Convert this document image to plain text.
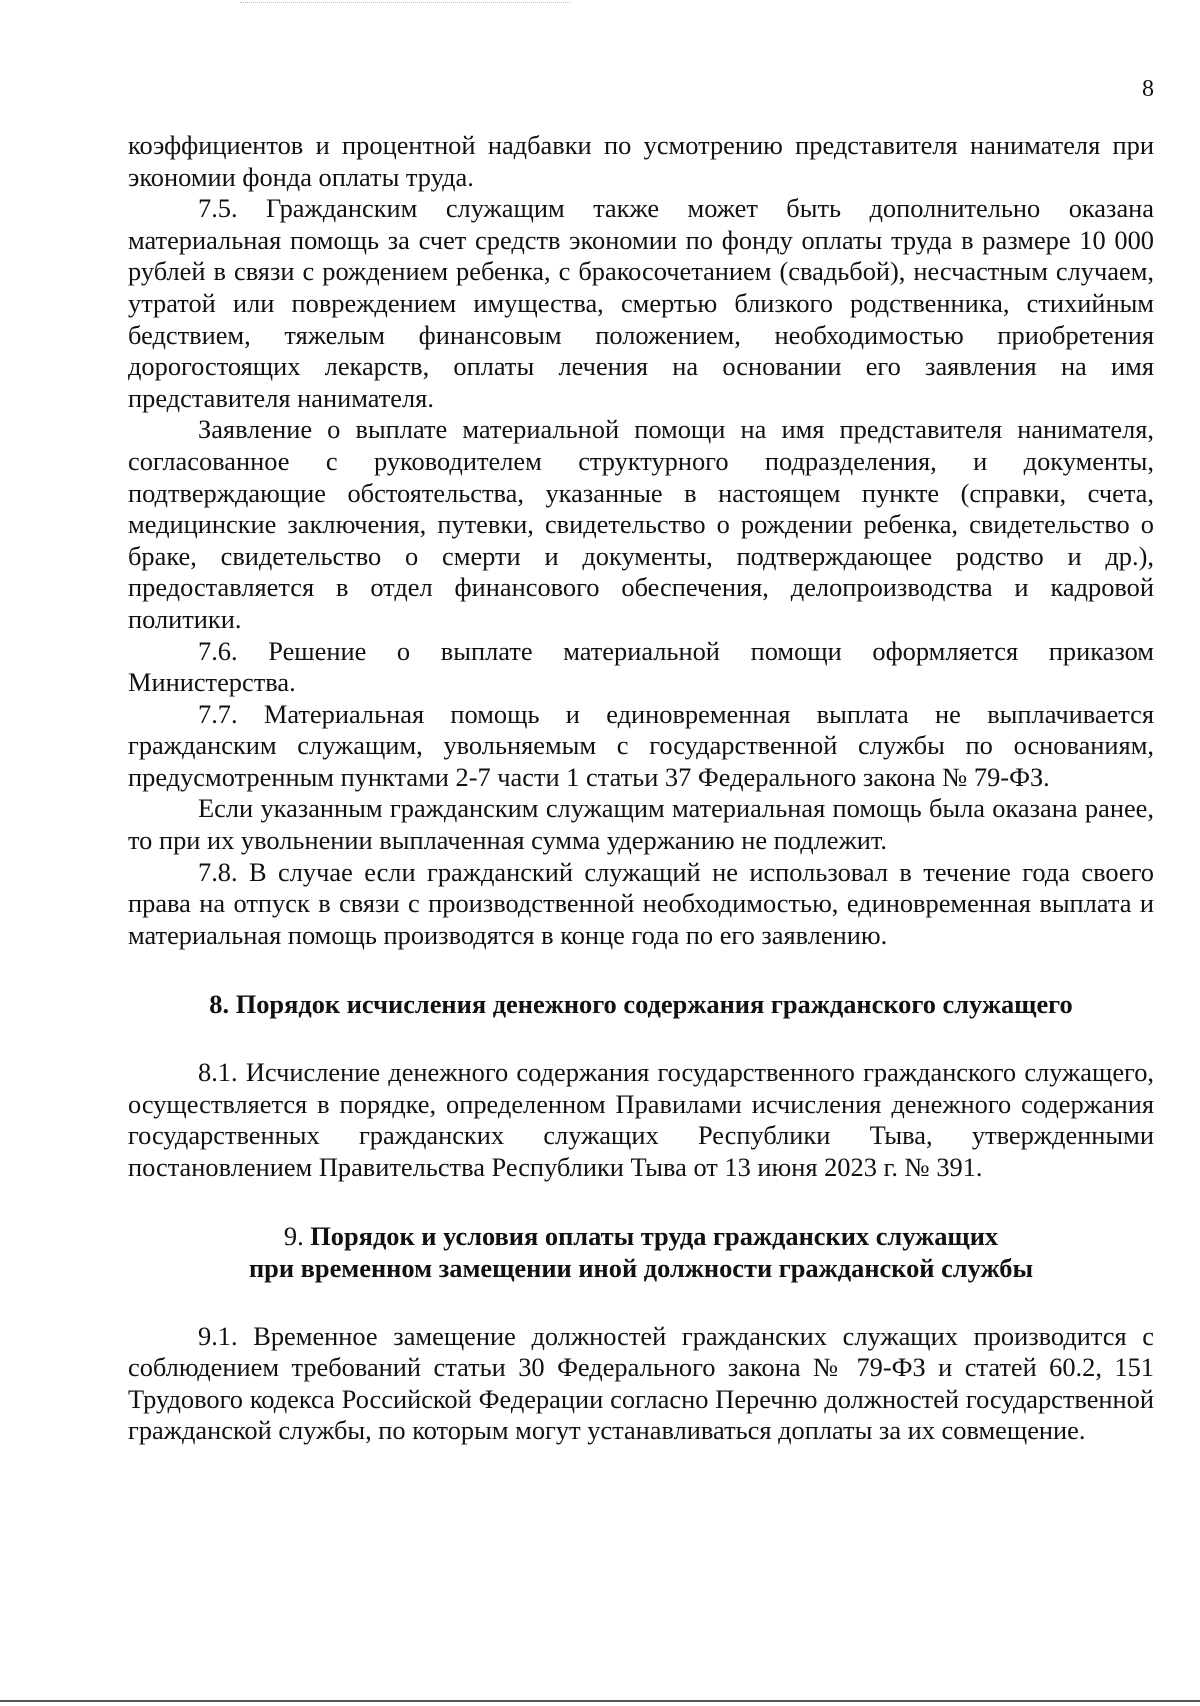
8

коэффициентов и процентной надбавки по усмотрению представителя нанимателя при экономии фонда оплаты труда.

7.5. Гражданским служащим также может быть дополнительно оказана материальная помощь за счет средств экономии по фонду оплаты труда в размере 10 000 рублей в связи с рождением ребенка, с бракосочетанием (свадьбой), несчастным случаем, утратой или повреждением имущества, смертью близкого родственника, стихийным бедствием, тяжелым финансовым положением, необходимостью приобретения дорогостоящих лекарств, оплаты лечения на основании его заявления на имя представителя нанимателя.

Заявление о выплате материальной помощи на имя представителя нанимателя, согласованное с руководителем структурного подразделения, и документы, подтверждающие обстоятельства, указанные в настоящем пункте (справки, счета, медицинские заключения, путевки, свидетельство о рождении ребенка, свидетельство о браке, свидетельство о смерти и документы, подтверждающее родство и др.), предоставляется в отдел финансового обеспечения, делопроизводства и кадровой политики.

7.6. Решение о выплате материальной помощи оформляется приказом Министерства.

7.7. Материальная помощь и единовременная выплата не выплачивается гражданским служащим, увольняемым с государственной службы по основаниям, предусмотренным пунктами 2-7 части 1 статьи 37 Федерального закона № 79-ФЗ.

Если указанным гражданским служащим материальная помощь была оказана ранее, то при их увольнении выплаченная сумма удержанию не подлежит.

7.8. В случае если гражданский служащий не использовал в течение года своего права на отпуск в связи с производственной необходимостью, единовременная выплата и материальная помощь производятся в конце года по его заявлению.

8. Порядок исчисления денежного содержания гражданского служащего

8.1. Исчисление денежного содержания государственного гражданского служащего, осуществляется в порядке, определенном Правилами исчисления денежного содержания государственных гражданских служащих Республики Тыва, утвержденными постановлением Правительства Республики Тыва от 13 июня 2023 г. № 391.

9. Порядок и условия оплаты труда гражданских служащих
при временном замещении иной должности гражданской службы

9.1. Временное замещение должностей гражданских служащих производится с соблюдением требований статьи 30 Федерального закона № 79-ФЗ и статей 60.2, 151 Трудового кодекса Российской Федерации согласно Перечню должностей государственной гражданской службы, по которым могут устанавливаться доплаты за их совмещение.
